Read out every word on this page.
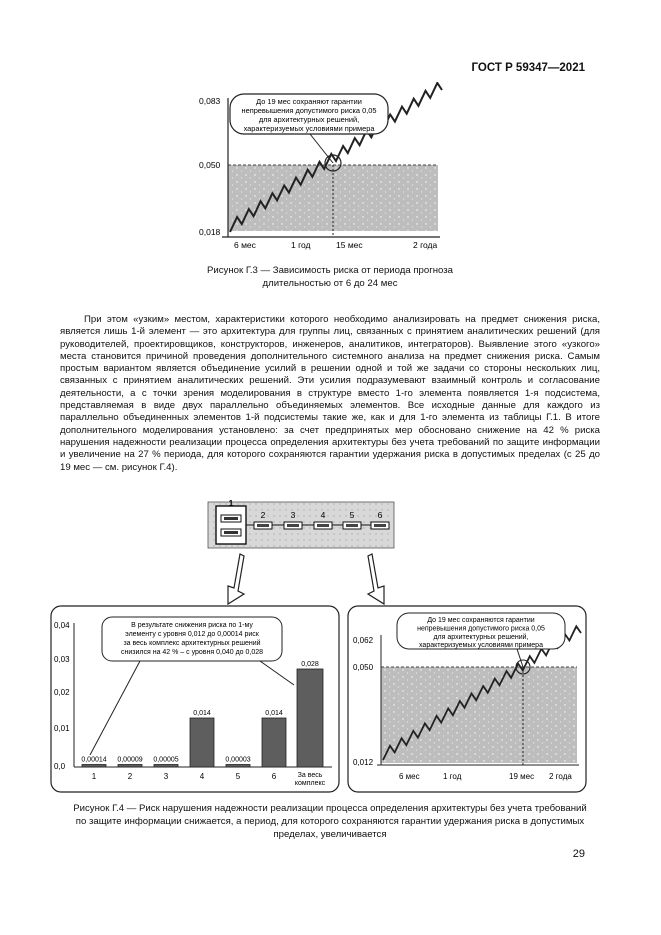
ГОСТ Р 59347—2021
До 19 мес сохраняют гарантии
непревышения допустимого риска 0,05
для архитектурных решений,
характеризуемых условиями примера
0,083
0,050
0,018
6 мес	1 год	15 мес	2 года
Рисунок Г.3 — Зависимость риска от периода прогноза
длительностью от 6 до 24 мес

При этом «узким» местом, характеристики которого необходимо анализировать на предмет снижения риска, является лишь 1-й элемент — это архитектура для группы лиц, связанных с принятием аналитических решений (для руководителей, проектировщиков, конструкторов, инженеров, аналитиков, интеграторов). Выявление этого «узкого» места становится причиной проведения дополнительного системного анализа на предмет снижения риска. Самым простым вариантом является объединение усилий в решении одной и той же задачи со стороны нескольких лиц, связанных с принятием аналитических решений. Эти усилия подразумевают взаимный контроль и согласование деятельности, а с точки зрения моделирования в структуре вместо 1-го элемента появляется 1-я подсистема, представляемая в виде двух параллельно объединяемых элементов. Все исходные данные для каждого из параллельно объединенных элементов 1-й подсистемы такие же, как и для 1-го элемента из таблицы Г.1. В итоге дополнительного моделирования установлено: за счет предпринятых мер обосновано снижение на 42 % риска нарушения надежности реализации процесса определения архитектуры без учета требований по защите информации и увеличение на 27 % периода, для которого сохраняются гарантии удержания риска в допустимых пределах (с 25 до 19 мес — см. рисунок Г.4).

1
2	3	4	5	6
0,04
0,03
0,02
0,01
0,0
0,00014
1
0,00009
2
0,00005
3
0,014
4
0,00003
5
0,014
6
0,028
За весь
комплекс
В результате снижения риска по 1-му
элементу с уровня 0,012 до 0,00014 риск
за весь комплекс архитектурных решений
снизился на 42 % – с уровня 0,040 до 0,028
До 19 мес сохраняются гарантии
непревышения допустимого риска 0,05
для архитектурных решений,
характеризуемых условиями примера
0,062
0,050
0,012
6 мес	1 год	19 мес 2 года
Рисунок Г.4 — Риск нарушения надежности реализации процесса определения архитектуры без учета требований
по защите информации снижается, а период, для которого сохраняются гарантии удержания риска в допустимых
пределах, увеличивается
29
